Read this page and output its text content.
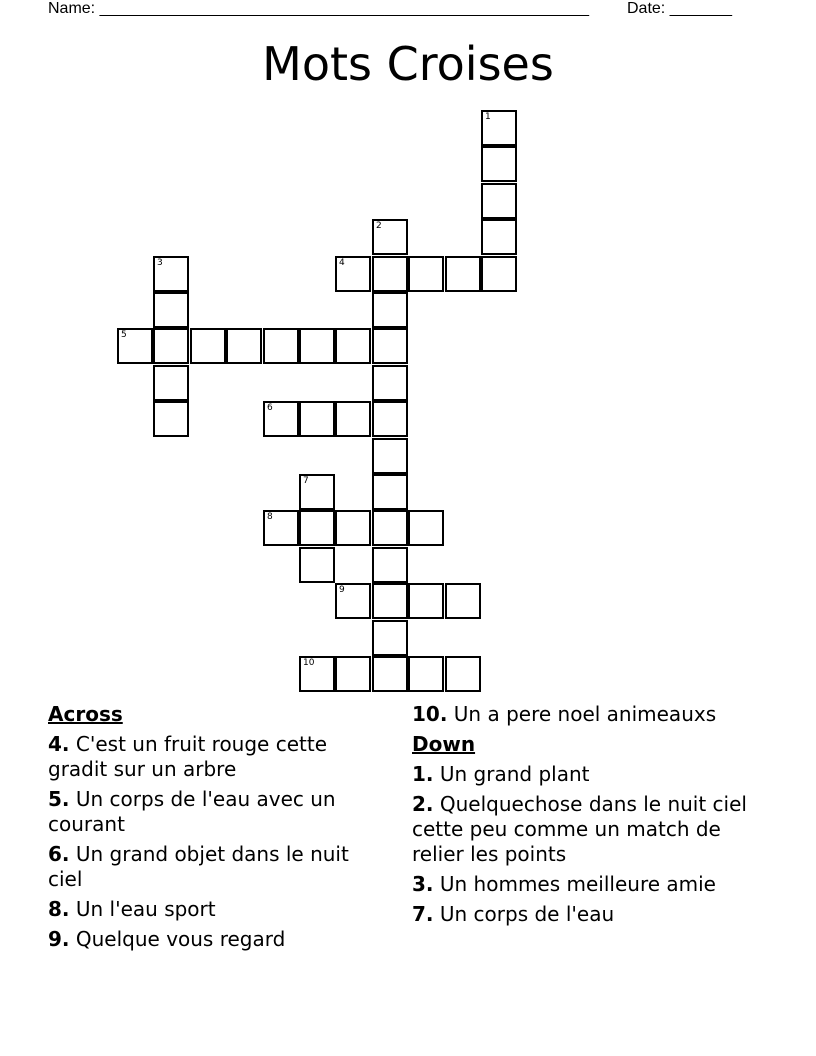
Name: _______________________________________________________ Date: _______
Mots Croises
1
2
3	4
5
6
7
8
9
10
Across
4. C'est un fruit rouge cette gradit sur un arbre
5. Un corps de l'eau avec un courant
6. Un grand objet dans le nuit ciel
8. Un l'eau sport
9. Quelque vous regard
10. Un a pere noel animeauxs
Down
1. Un grand plant
2. Quelquechose dans le nuit ciel cette peu comme un match de relier les points
3. Un hommes meilleure amie
7. Un corps de l'eau
